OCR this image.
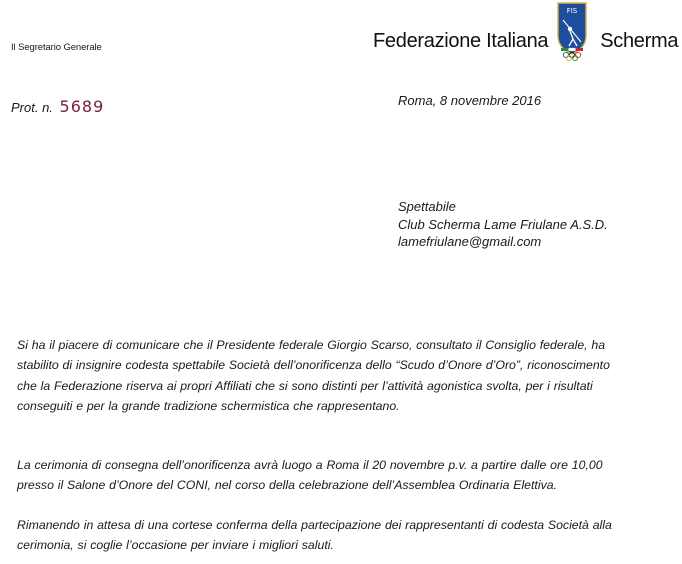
Il Segretario Generale	Federazione Italiana	Scherma
FIS
Prot. n. 5689	Roma, 8 novembre 2016
Spettabile
Club Scherma Lame Friulane A.S.D.
lamefriulane@gmail.com
Si ha il piacere di comunicare che il Presidente federale Giorgio Scarso, consultato il Consiglio federale, ha
stabilito di insignire codesta spettabile Società dell’onorificenza dello “Scudo d’Onore d’Oro”, riconoscimento
che la Federazione riserva ai propri Affiliati che si sono distinti per l’attività agonistica svolta, per i risultati
conseguiti e per la grande tradizione schermistica che rappresentano.
La cerimonia di consegna dell’onorificenza avrà luogo a Roma il 20 novembre p.v. a partire dalle ore 10,00
presso il Salone d’Onore del CONI, nel corso della celebrazione dell’Assemblea Ordinaria Elettiva.
Rimanendo in attesa di una cortese conferma della partecipazione dei rappresentanti di codesta Società alla
cerimonia, si coglie l’occasione per inviare i migliori saluti.
